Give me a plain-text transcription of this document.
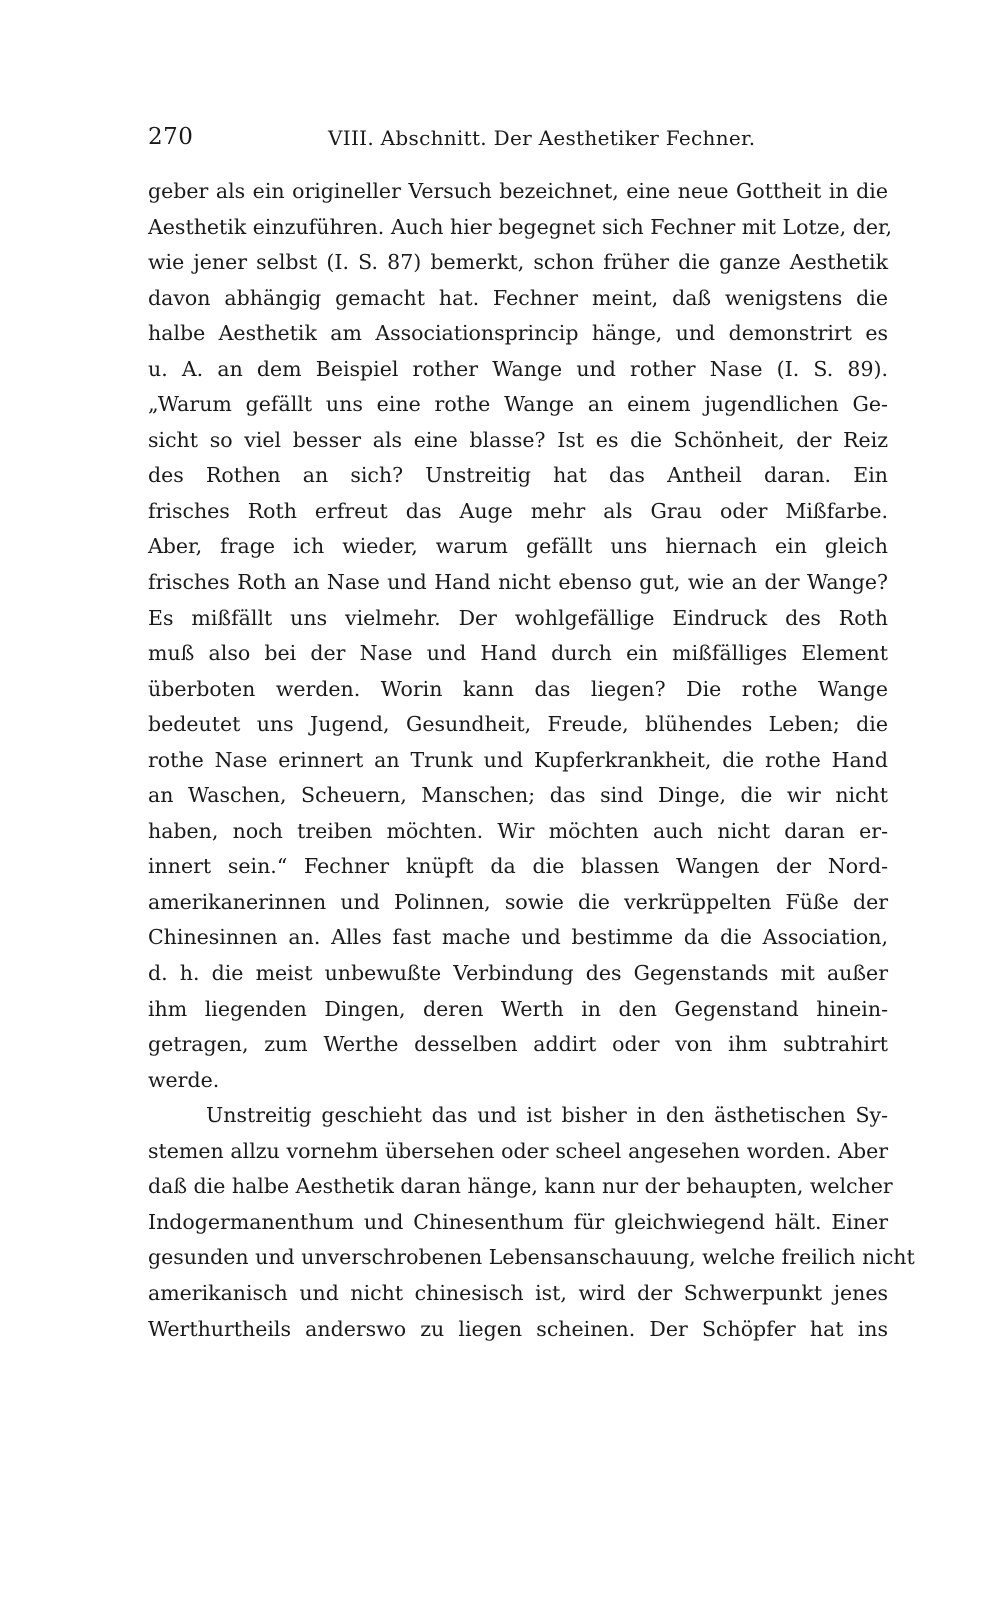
270	VIII. Abschnitt. Der Aesthetiker Fechner.
geber als ein origineller Versuch bezeichnet, eine neue Gottheit in die
Aesthetik einzuführen. Auch hier begegnet sich Fechner mit Lotze, der,
wie jener selbst (I. S. 87) bemerkt, schon früher die ganze Aesthetik
davon abhängig gemacht hat. Fechner meint, daß wenigstens die
halbe Aesthetik am Associationsprincip hänge, und demonstrirt es
u. A. an dem Beispiel rother Wange und rother Nase (I. S. 89).
„Warum gefällt uns eine rothe Wange an einem jugendlichen Ge-
sicht so viel besser als eine blasse? Ist es die Schönheit, der Reiz
des Rothen an sich? Unstreitig hat das Antheil daran. Ein
frisches Roth erfreut das Auge mehr als Grau oder Mißfarbe.
Aber, frage ich wieder, warum gefällt uns hiernach ein gleich
frisches Roth an Nase und Hand nicht ebenso gut, wie an der Wange?
Es mißfällt uns vielmehr. Der wohlgefällige Eindruck des Roth
muß also bei der Nase und Hand durch ein mißfälliges Element
überboten werden. Worin kann das liegen? Die rothe Wange
bedeutet uns Jugend, Gesundheit, Freude, blühendes Leben; die
rothe Nase erinnert an Trunk und Kupferkrankheit, die rothe Hand
an Waschen, Scheuern, Manschen; das sind Dinge, die wir nicht
haben, noch treiben möchten. Wir möchten auch nicht daran er-
innert sein.“ Fechner knüpft da die blassen Wangen der Nord-
amerikanerinnen und Polinnen, sowie die verkrüppelten Füße der
Chinesinnen an. Alles fast mache und bestimme da die Association,
d. h. die meist unbewußte Verbindung des Gegenstands mit außer
ihm liegenden Dingen, deren Werth in den Gegenstand hinein-
getragen, zum Werthe desselben addirt oder von ihm subtrahirt
werde.
Unstreitig geschieht das und ist bisher in den ästhetischen Sy-
stemen allzu vornehm übersehen oder scheel angesehen worden. Aber
daß die halbe Aesthetik daran hänge, kann nur der behaupten, welcher
Indogermanenthum und Chinesenthum für gleichwiegend hält. Einer
gesunden und unverschrobenen Lebensanschauung, welche freilich nicht
amerikanisch und nicht chinesisch ist, wird der Schwerpunkt jenes
Werthurtheils anderswo zu liegen scheinen. Der Schöpfer hat ins
